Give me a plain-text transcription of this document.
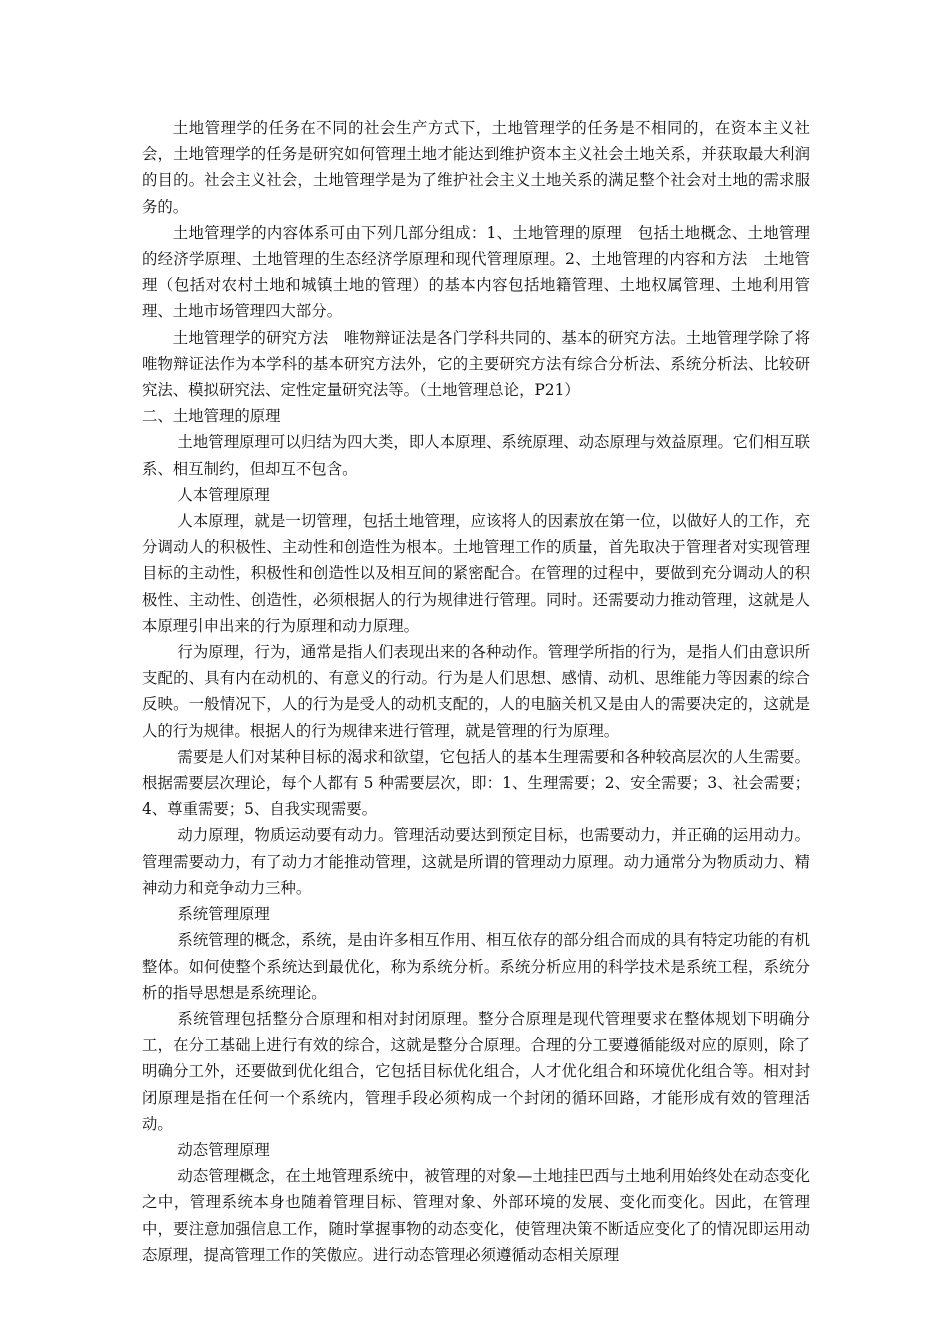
土地管理学的任务在不同的社会生产方式下，土地管理学的任务是不相同的，在资本主义社会，土地管理学的任务是研究如何管理土地才能达到维护资本主义社会土地关系，并获取最大利润的目的。社会主义社会，土地管理学是为了维护社会主义土地关系的满足整个社会对土地的需求服务的。

土地管理学的内容体系可由下列几部分组成：1、土地管理的原理　包括土地概念、土地管理的经济学原理、土地管理的生态经济学原理和现代管理原理。2、土地管理的内容和方法　土地管理（包括对农村土地和城镇土地的管理）的基本内容包括地籍管理、土地权属管理、土地利用管理、土地市场管理四大部分。

土地管理学的研究方法　唯物辩证法是各门学科共同的、基本的研究方法。土地管理学除了将唯物辩证法作为本学科的基本研究方法外，它的主要研究方法有综合分析法、系统分析法、比较研究法、模拟研究法、定性定量研究法等。（土地管理总论，P21）

二、土地管理的原理

土地管理原理可以归结为四大类，即人本原理、系统原理、动态原理与效益原理。它们相互联系、相互制约，但却互不包含。

人本管理原理

人本原理，就是一切管理，包括土地管理，应该将人的因素放在第一位，以做好人的工作，充分调动人的积极性、主动性和创造性为根本。土地管理工作的质量，首先取决于管理者对实现管理目标的主动性，积极性和创造性以及相互间的紧密配合。在管理的过程中，要做到充分调动人的积极性、主动性、创造性，必须根据人的行为规律进行管理。同时。还需要动力推动管理，这就是人本原理引申出来的行为原理和动力原理。

行为原理，行为，通常是指人们表现出来的各种动作。管理学所指的行为，是指人们由意识所支配的、具有内在动机的、有意义的行动。行为是人们思想、感情、动机、思维能力等因素的综合反映。一般情况下，人的行为是受人的动机支配的，人的电脑关机又是由人的需要决定的，这就是人的行为规律。根据人的行为规律来进行管理，就是管理的行为原理。

需要是人们对某种目标的渴求和欲望，它包括人的基本生理需要和各种较高层次的人生需要。根据需要层次理论，每个人都有 5 种需要层次，即：1、生理需要；2、安全需要；3、社会需要；4、尊重需要；5、自我实现需要。

动力原理，物质运动要有动力。管理活动要达到预定目标，也需要动力，并正确的运用动力。管理需要动力，有了动力才能推动管理，这就是所谓的管理动力原理。动力通常分为物质动力、精神动力和竞争动力三种。

系统管理原理

系统管理的概念，系统，是由许多相互作用、相互依存的部分组合而成的具有特定功能的有机整体。如何使整个系统达到最优化，称为系统分析。系统分析应用的科学技术是系统工程，系统分析的指导思想是系统理论。

系统管理包括整分合原理和相对封闭原理。整分合原理是现代管理要求在整体规划下明确分工，在分工基础上进行有效的综合，这就是整分合原理。合理的分工要遵循能级对应的原则，除了明确分工外，还要做到优化组合，它包括目标优化组合，人才优化组合和环境优化组合等。相对封闭原理是指在任何一个系统内，管理手段必须构成一个封闭的循环回路，才能形成有效的管理活动。

动态管理原理

动态管理概念，在土地管理系统中，被管理的对象—土地挂巴西与土地利用始终处在动态变化之中，管理系统本身也随着管理目标、管理对象、外部环境的发展、变化而变化。因此，在管理中，要注意加强信息工作，随时掌握事物的动态变化，使管理决策不断适应变化了的情况即运用动态原理，提高管理工作的笑傲应。进行动态管理必须遵循动态相关原理
